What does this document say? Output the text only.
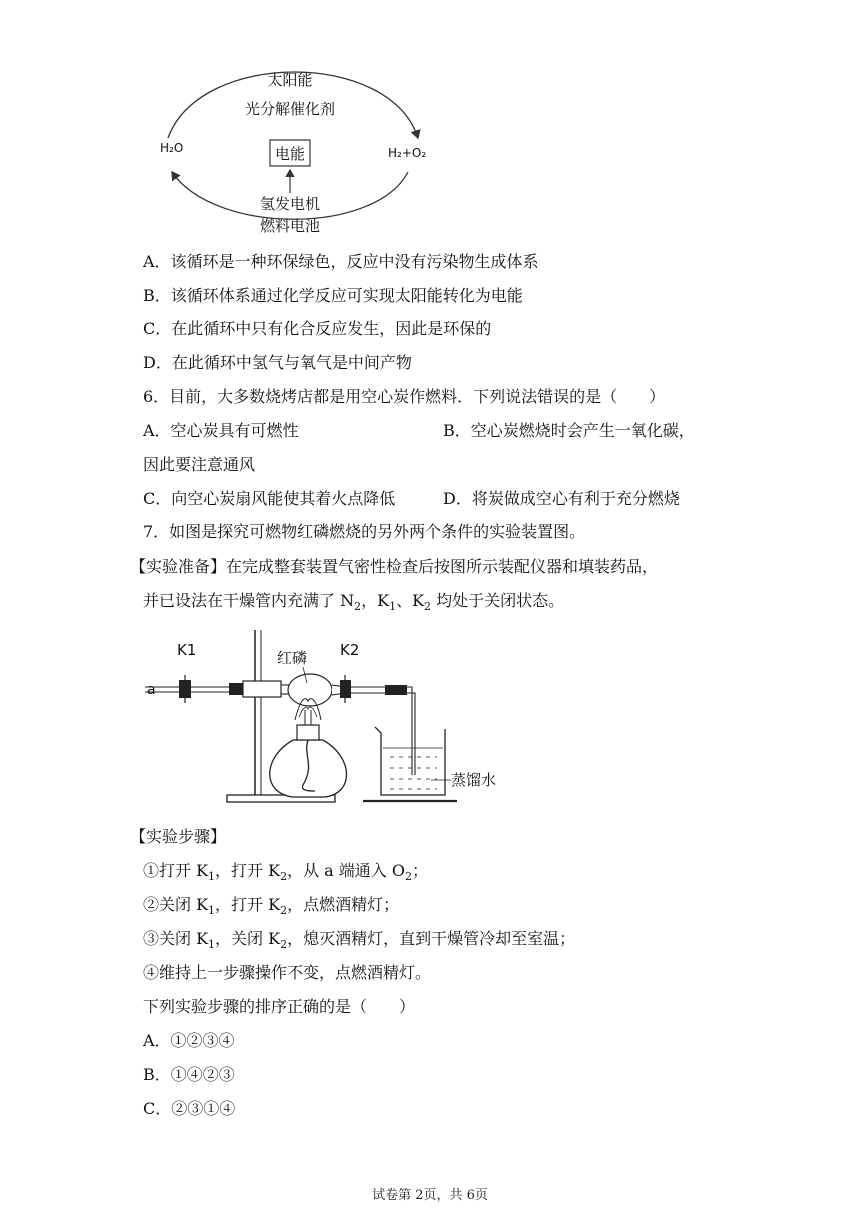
太阳能
光分解催化剂
H₂O	H₂+O₂
电能
氢发电机
燃料电池
A．该循环是一种环保绿色，反应中没有污染物生成体系
B．该循环体系通过化学反应可实现太阳能转化为电能
C．在此循环中只有化合反应发生，因此是环保的
D．在此循环中氢气与氧气是中间产物
6．目前，大多数烧烤店都是用空心炭作燃料．下列说法错误的是（　　）
A．空心炭具有可燃性	B．空心炭燃烧时会产生一氧化碳，
因此要注意通风
C．向空心炭扇风能使其着火点降低	D．将炭做成空心有利于充分燃烧
7．如图是探究可燃物红磷燃烧的另外两个条件的实验装置图。
【实验准备】在完成整套装置气密性检查后按图所示装配仪器和填装药品，
并已设法在干燥管内充满了 $N_2$，$K_1$、$K_2$ 均处于关闭状态。
a
K1	红磷 K2
蒸馏水
【实验步骤】
①打开 $K_1$，打开 $K_2$，从 a 端通入 $O_2$；
②关闭 $K_1$，打开 $K_2$，点燃酒精灯；
③关闭 $K_1$，关闭 $K_2$，熄灭酒精灯，直到干燥管冷却至室温；
④维持上一步骤操作不变，点燃酒精灯。
下列实验步骤的排序正确的是（　　）
A．①②③④
B．①④②③
C．②③①④
试卷第 2页，共 6页
